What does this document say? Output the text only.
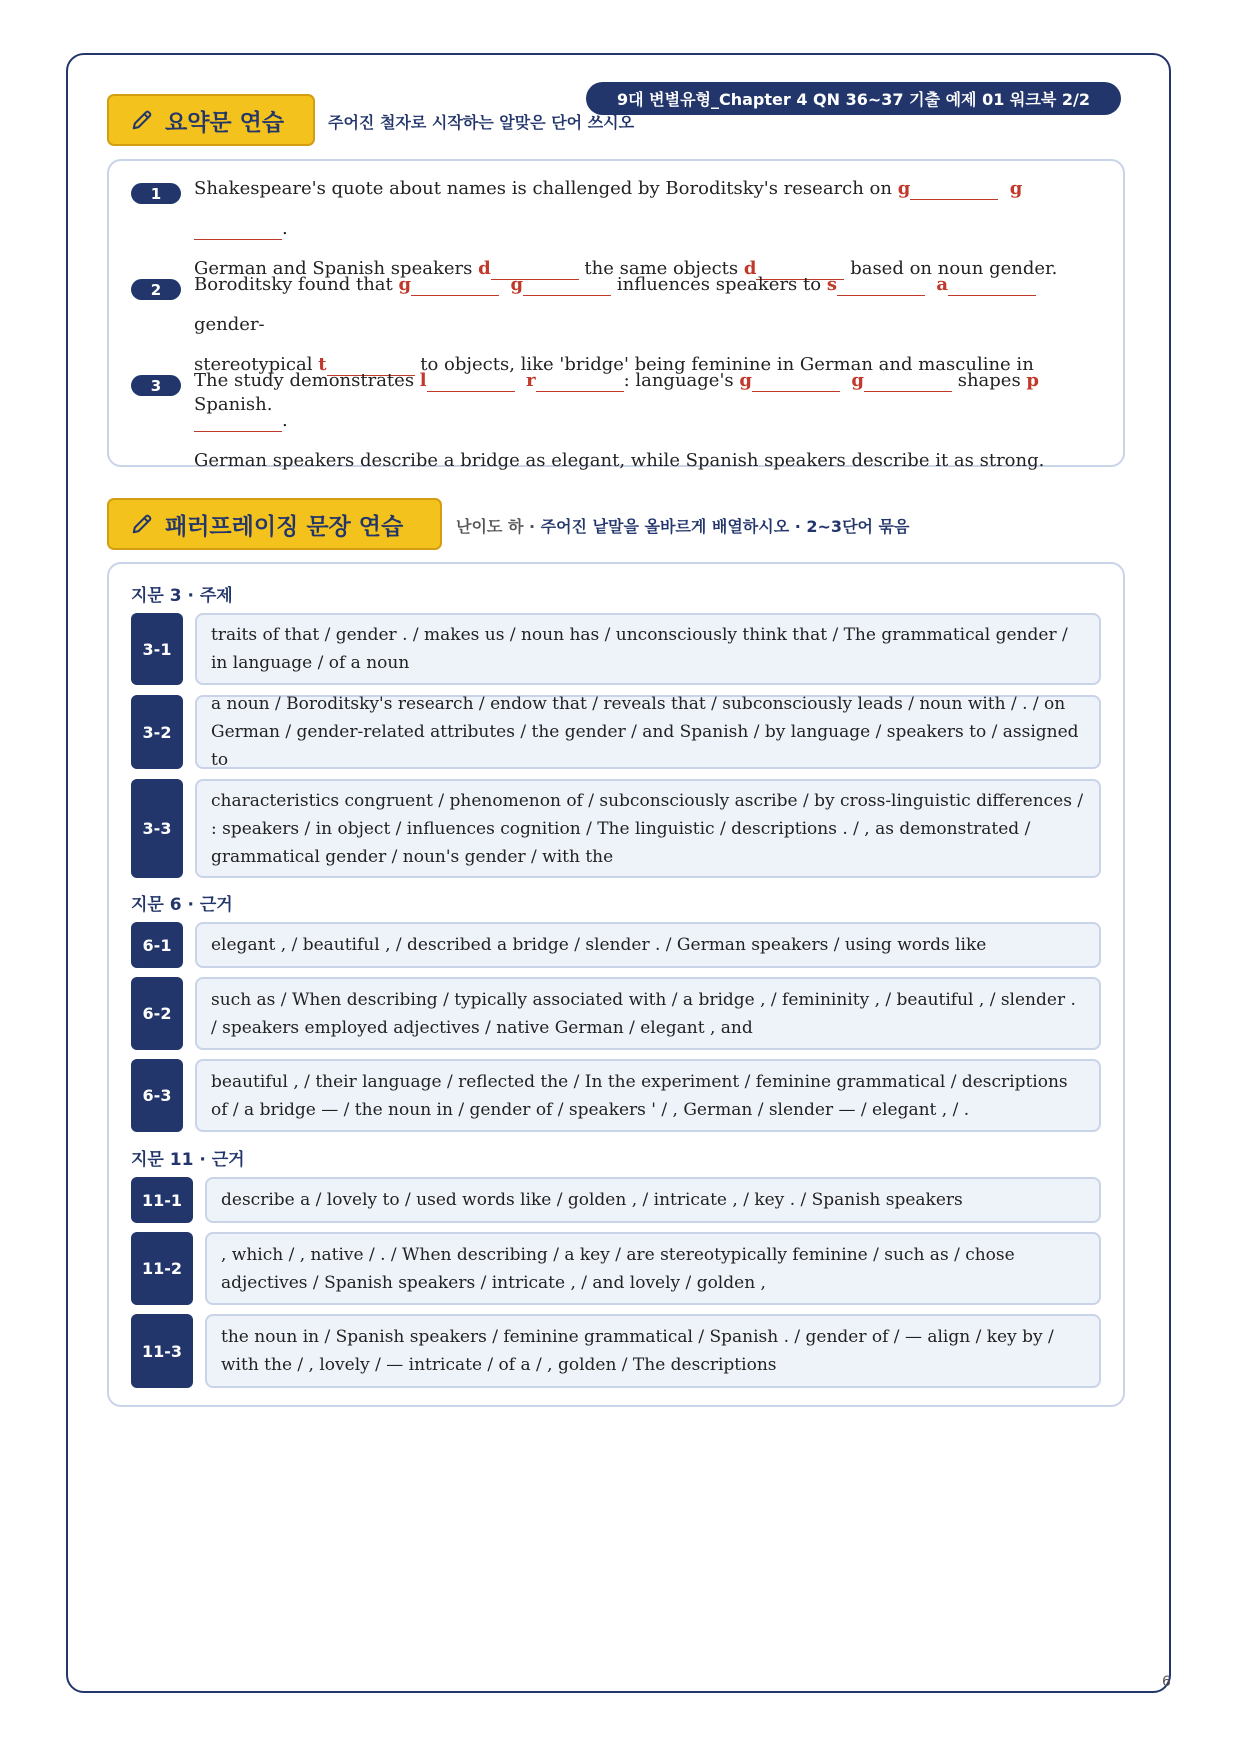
9대 변별유형_Chapter 4 QN 36~37 기출 예제 01 워크북 2/2
요약문 연습	주어진 철자로 시작하는 알맞은 단어 쓰시오
1	Shakespeare's quote about names is challenged by Boroditsky's research on g	g.
German and Spanish speakers d	the same objects d	based on noun gender.
2	Boroditsky found that g	g	influences speakers to s	a gender-
stereotypical t	to objects, like 'bridge' being feminine in German and masculine in Spanish.
3	The study demonstrates l	r	: language's g	g	shapes p.
German speakers describe a bridge as elegant, while Spanish speakers describe it as strong.
패러프레이징 문장 연습	난이도 하 · 주어진 낱말을 올바르게 배열하시오 · 2~3단어 묶음
지문 3 · 주제
3-1
traits of that / gender . / makes us / noun has / unconsciously think that / The grammatical gender / in language / of a noun
3-2
a noun / Boroditsky's research / endow that / reveals that / subconsciously leads / noun with / . / on German / gender-related attributes / the gender / and Spanish / by language / speakers to / assigned to
3-3
characteristics congruent / phenomenon of / subconsciously ascribe / by cross-linguistic differences / : speakers / in object / influences cognition / The linguistic / descriptions . / , as demonstrated / grammatical gender / noun's gender / with the
지문 6 · 근거
6-1	elegant , / beautiful , / described a bridge / slender . / German speakers / using words like
6-2
such as / When describing / typically associated with / a bridge , / femininity , / beautiful , / slender . / speakers employed adjectives / native German / elegant , and
6-3
beautiful , / their language / reflected the / In the experiment / feminine grammatical / descriptions of / a bridge — / the noun in / gender of / speakers ' / , German / slender — / elegant , / .
지문 11 · 근거
11-1	describe a / lovely to / used words like / golden , / intricate , / key . / Spanish speakers
11-2
, which / , native / . / When describing / a key / are stereotypically feminine / such as / chose adjectives / Spanish speakers / intricate , / and lovely / golden ,
11-3
the noun in / Spanish speakers / feminine grammatical / Spanish . / gender of / — align / key by / with the / , lovely / — intricate / of a / , golden / The descriptions
6
